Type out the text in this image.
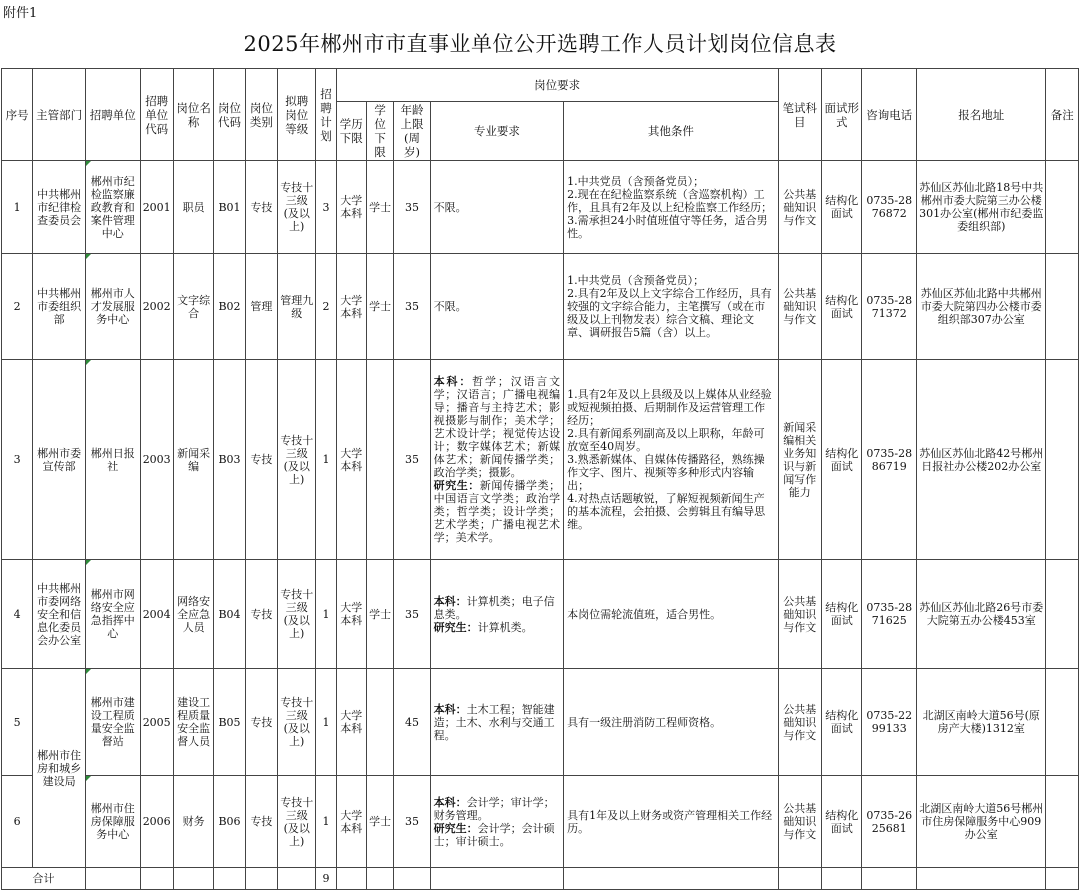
附件1
2025年郴州市市直事业单位公开选聘工作人员计划岗位信息表
序号	主管部门	招聘单位	招聘单位代码	岗位名称	岗位代码	岗位类别	拟聘岗位等级	招聘计划	岗位要求					笔试科目	面试形式	咨询电话	报名地址	备注
									学历下限	学位下限	年龄上限(周岁)	专业要求	其他条件					
1	中共郴州市纪律检查委员会	郴州市纪检监察廉政教育和案件管理中心	2001	职员	B01	专技	专技十三级(及以上)	3	大学本科	学士	35	不限。	1.中共党员（含预备党员）；
2.现在在纪检监察系统（含巡察机构）工作，且具有2年及以上纪检监察工作经历；
3.需承担24小时值班值守等任务，适合男性。	公共基础知识与作文	结构化面试	0735-2876872	苏仙区苏仙北路18号中共郴州市委大院第三办公楼301办公室(郴州市纪委监委组织部)	
2	中共郴州市委组织部	郴州市人才发展服务中心	2002	文字综合	B02	管理	管理九级	2	大学本科	学士	35	不限。	1.中共党员（含预备党员）；
2.具有2年及以上文字综合工作经历，具有较强的文字综合能力，主笔撰写（或在市级及以上刊物发表）综合文稿、理论文章、调研报告5篇（含）以上。	公共基础知识与作文	结构化面试	0735-2871372	苏仙区苏仙北路中共郴州市委大院第四办公楼市委组织部307办公室	
3	郴州市委宣传部	郴州日报社	2003	新闻采编	B03	专技	专技十三级(及以上)	1	大学本科		35	本科：哲学；汉语言文学；汉语言；广播电视编导；播音与主持艺术；影视摄影与制作；美术学；艺术设计学；视觉传达设计；数字媒体艺术；新媒体艺术；新闻传播学类；政治学类；摄影。
研究生：新闻传播学类；中国语言文学类；政治学类；哲学类；设计学类；艺术学类；广播电视艺术学；美术学。	1.具有2年及以上县级及以上媒体从业经验或短视频拍摄、后期制作及运营管理工作经历；
2.具有新闻系列副高及以上职称，年龄可放宽至40周岁。
3.熟悉新媒体、自媒体传播路径，熟练操作文字、图片、视频等多种形式内容输出；
4.对热点话题敏锐，了解短视频新闻生产的基本流程，会拍摄、会剪辑且有编导思维。	新闻采编相关业务知识与新闻写作能力	结构化面试	0735-2886719	苏仙区苏仙北路42号郴州日报社办公楼202办公室	
4	中共郴州市委网络安全和信息化委员会办公室	郴州市网络安全应急指挥中心	2004	网络安全应急人员	B04	专技	专技十三级(及以上)	1	大学本科	学士	35	本科：计算机类；电子信息类。
研究生：计算机类。	本岗位需轮流值班，适合男性。	公共基础知识与作文	结构化面试	0735-2871625	苏仙区苏仙北路26号市委大院第五办公楼453室	
5	郴州市住房和城乡建设局	郴州市建设工程质量安全监督站	2005	建设工程质量安全监督人员	B05	专技	专技十三级(及以上)	1	大学本科		45	本科：土木工程；智能建造；土木、水利与交通工程。	具有一级注册消防工程师资格。	公共基础知识与作文	结构化面试	0735-2299133	北湖区南岭大道56号(原房产大楼)1312室	
6		郴州市住房保障服务中心	2006	财务	B06	专技	专技十三级(及以上)	1	大学本科	学士	35	本科：会计学；审计学；财务管理。
研究生：会计学；会计硕士；审计硕士。	具有1年及以上财务或资产管理相关工作经历。	公共基础知识与作文	结构化面试	0735-2625681	北湖区南岭大道56号郴州市住房保障服务中心909办公室	
合计								9										
